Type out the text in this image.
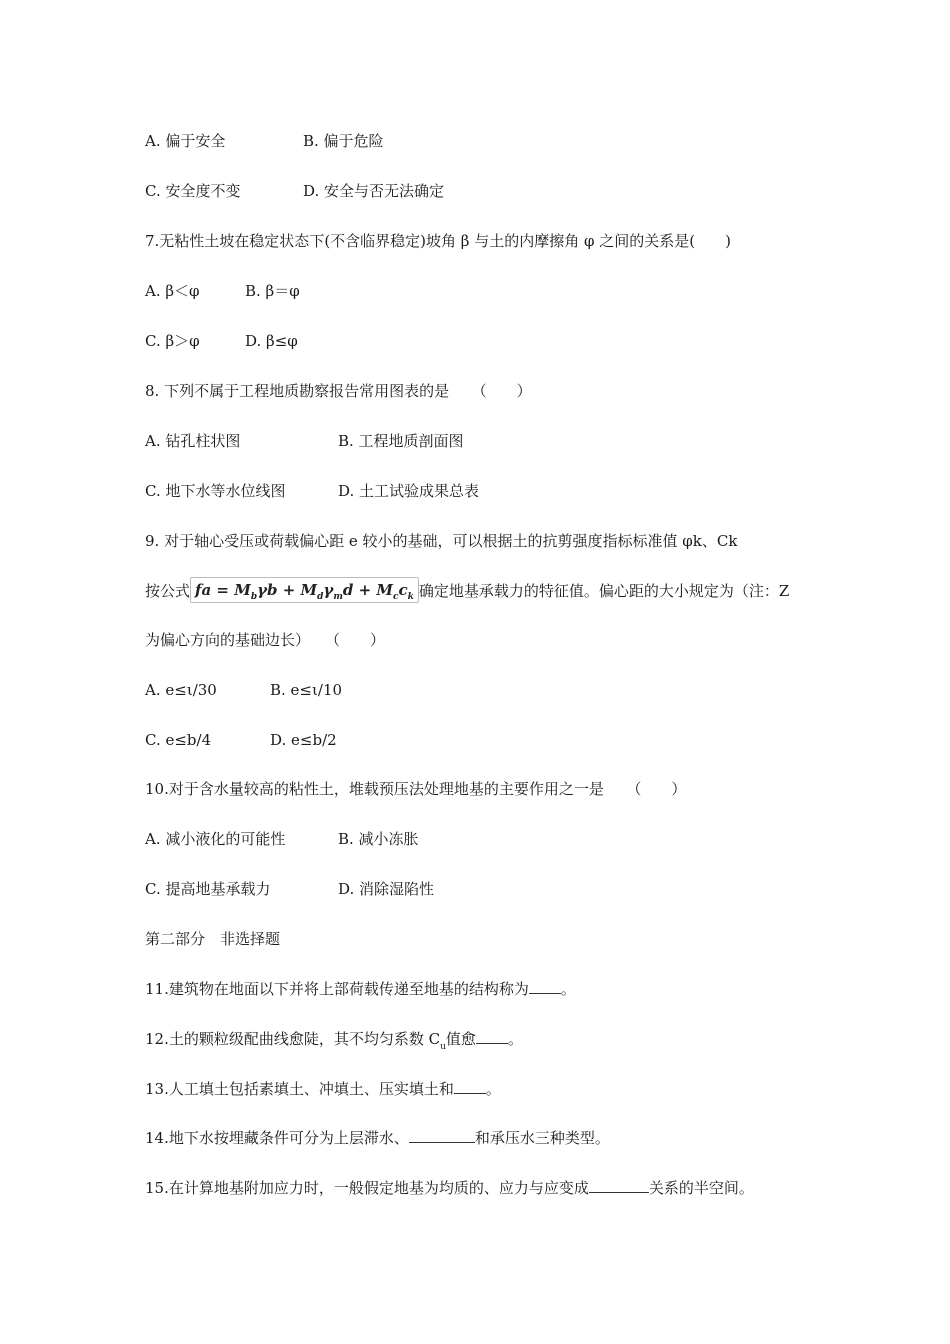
A. 偏于安全	B. 偏于危险
C. 安全度不变	D. 安全与否无法确定
7.无粘性土坡在稳定状态下(不含临界稳定)坡角 β 与土的内摩擦角 φ 之间的关系是(　　)
A. β＜φ	B. β＝φ
C. β＞φ	D. β≤φ
8. 下列不属于工程地质勘察报告常用图表的是　　（　　）
A. 钻孔柱状图	B. 工程地质剖面图
C. 地下水等水位线图	D. 土工试验成果总表
9. 对于轴心受压或荷载偏心距 e 较小的基础，可以根据土的抗剪强度指标标准值 φk、Ck
按公式 fa = $M_b\gamma b + M_d\gamma_md + M_cc_k$ 确定地基承载力的特征值。偏心距的大小规定为（注：Z
为偏心方向的基础边长）　　（　　）
A. e≤ι/30	B. e≤ι/10
C. e≤b/4	D. e≤b/2
10.对于含水量较高的粘性土，堆载预压法处理地基的主要作用之一是　　（　　）
A. 减小液化的可能性	B. 减小冻胀
C. 提高地基承载力	D. 消除湿陷性
第二部分　非选择题
11.建筑物在地面以下并将上部荷载传递至地基的结构称为 。
12.土的颗粒级配曲线愈陡，其不均匀系数 $C_u$值愈 。
13.人工填土包括素填土、冲填土、压实填土和 。
14.地下水按埋藏条件可分为上层滞水、	和承压水三种类型。
15.在计算地基附加应力时，一般假定地基为均质的、应力与应变成	关系的半空间。
